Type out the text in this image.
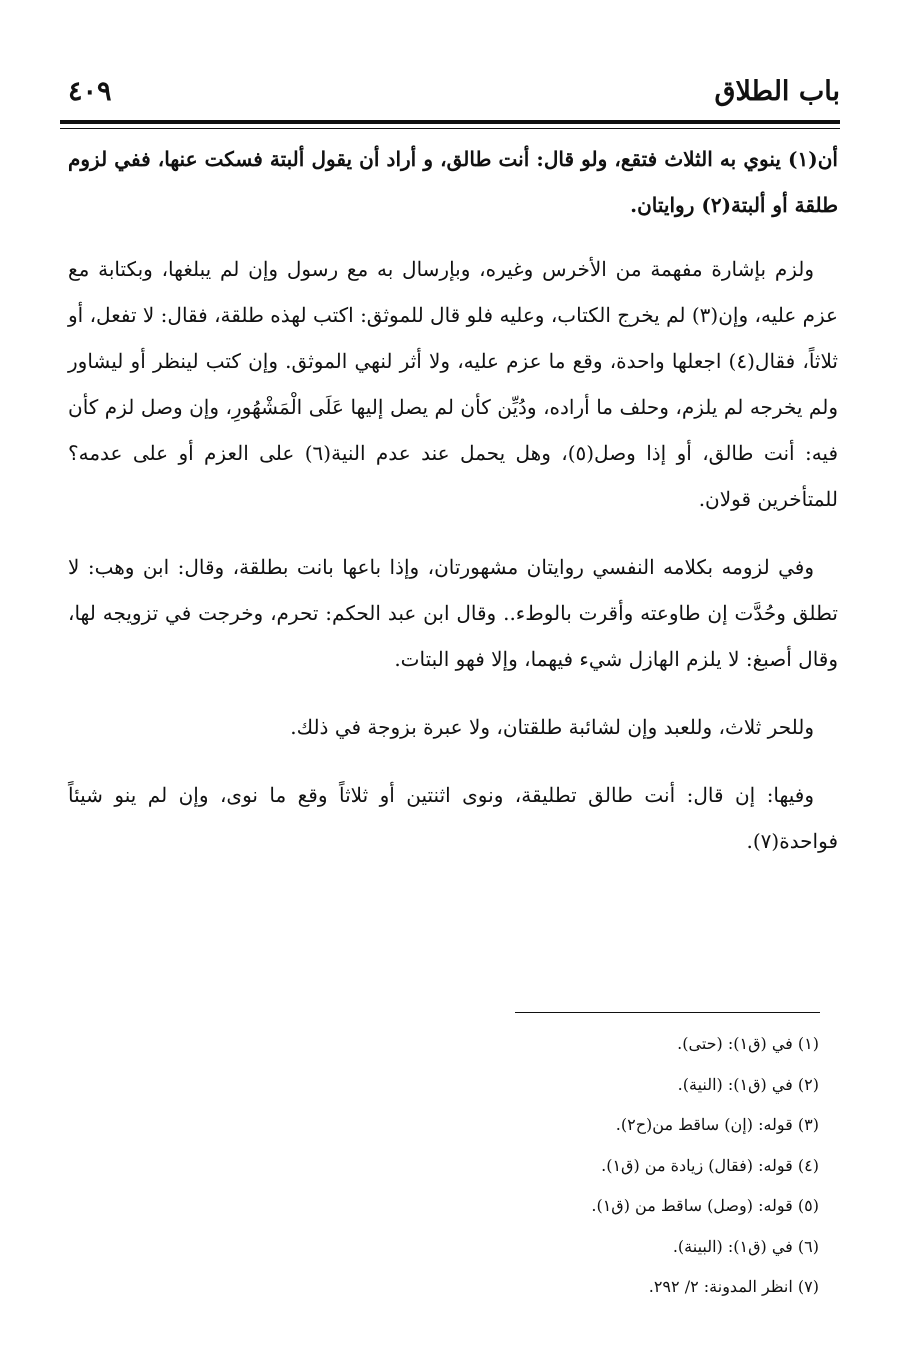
باب الطلاق
٤٠٩

أن(١) ينوي به الثلاث فتقع، ولو قال: أنت طالق، و أراد أن يقول ألبتة فسكت عنها، ففي لزوم طلقة أو ألبتة(٢) روايتان.

ولزم بإشارة مفهمة من الأخرس وغيره، وبإرسال به مع رسول وإن لم يبلغها، وبكتابة مع عزم عليه، وإن(٣) لم يخرج الكتاب، وعليه فلو قال للموثق: اكتب لهذه طلقة، فقال: لا تفعل، أو ثلاثاً، فقال(٤) اجعلها واحدة، وقع ما عزم عليه، ولا أثر لنهي الموثق. وإن كتب لينظر أو ليشاور ولم يخرجه لم يلزم، وحلف ما أراده، ودُيِّن كأن لم يصل إليها عَلَى الْمَشْهُورِ، وإن وصل لزم كأن فيه: أنت طالق، أو إذا وصل(٥)، وهل يحمل عند عدم النية(٦) على العزم أو على عدمه؟ للمتأخرين قولان.

وفي لزومه بكلامه النفسي روايتان مشهورتان، وإذا باعها بانت بطلقة، وقال: ابن وهب: لا تطلق وحُدَّت إن طاوعته وأقرت بالوطء.. وقال ابن عبد الحكم: تحرم، وخرجت في تزويجه لها، وقال أصبغ: لا يلزم الهازل شيء فيهما، وإلا فهو البتات.

وللحر ثلاث، وللعبد وإن لشائبة طلقتان، ولا عبرة بزوجة في ذلك.

وفيها: إن قال: أنت طالق تطليقة، ونوى اثنتين أو ثلاثاً وقع ما نوى، وإن لم ينو شيئاً فواحدة(٧).

(١) في (ق١): (حتى).

(٢) في (ق١): (النية).

(٣) قوله: (إن) ساقط من(ح٢).

(٤) قوله: (فقال) زيادة من (ق١).

(٥) قوله: (وصل) ساقط من (ق١).

(٦) في (ق١): (البينة).

(٧) انظر المدونة: ٢/ ٢٩٢.
